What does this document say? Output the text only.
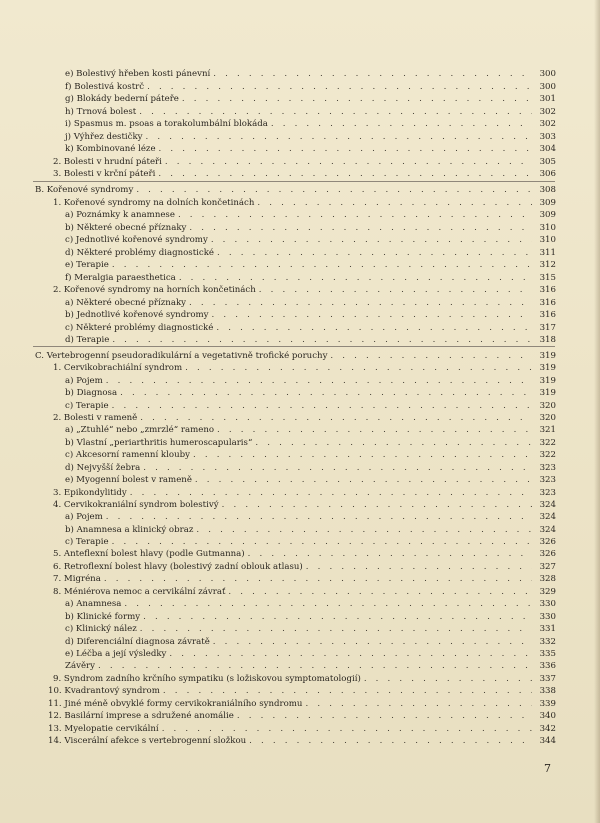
e) Bolestivý hřeben kosti pánevní . . .	300
f) Bolestivá kostrč . . .	300
g) Blokády bederní páteře . . .	301
h) Trnová bolest . . .	302
i) Spasmus m. psoas a torakolumbální blokáda . . .	302
j) Výhřez destičky . . .	303
k) Kombinované léze . . .	304
2. Bolesti v hrudní páteři . . .	305
3. Bolesti v krční páteři . . .	306
B. Kořenové syndromy . . .	308
1. Kořenové syndromy na dolních končetinách . . .	309
a) Poznámky k anamnese . . .	309
b) Některé obecné příznaky . . .	310
c) Jednotlivé kořenové syndromy . . .	310
d) Některé problémy diagnostické . . .	311
e) Terapie . . .	312
f) Meralgia paraesthetica . . .	315
2. Kořenové syndromy na horních končetinách . . .	316
a) Některé obecné příznaky . . .	316
b) Jednotlivé kořenové syndromy . . .	316
c) Některé problémy diagnostické . . .	317
d) Terapie . . .	318
C. Vertebrogenní pseudoradikulární a vegetativně trofické poruchy . . .	319
1. Cervikobrachiální syndrom . . .	319
a) Pojem . . .	319
b) Diagnosa . . .	319
c) Terapie . . .	320
2. Bolesti v rameně . . .	320
a) „Ztuhlé“ nebo „zmrzlé“ rameno . . .	321
b) Vlastní „periarthritis humeroscapularis“ . . .	322
c) Akcesorní ramenní klouby . . .	322
d) Nejvyšší žebra . . .	323
e) Myogenní bolest v rameně . . .	323
3. Epikondylitidy . . .	323
4. Cervikokraniální syndrom bolestivý . . .	324
a) Pojem . . .	324
b) Anamnesa a klinický obraz . . .	324
c) Terapie . . .	326
5. Anteflexní bolest hlavy (podle Gutmanna) . . .	326
6. Retroflexní bolest hlavy (bolestivý zadní oblouk atlasu) . . .	327
7. Migréna . . .	328
8. Méniérova nemoc a cervikální závrať . . .	329
a) Anamnesa . . .	330
b) Klinické formy . . .	330
c) Klinický nález . . .	331
d) Diferenciální diagnosa závratě . . .	332
e) Léčba a její výsledky . . .	335
Závěry . . .	336
9. Syndrom zadního krčního sympatiku (s ložiskovou symptomatologií) . . .	337
10. Kvadrantový syndrom . . .	338
11. Jiné méně obvyklé formy cervikokraniálního syndromu . . .	339
12. Basilární imprese a sdružené anomálie . . .	340
13. Myelopatie cervikální . . .	342
14. Viscerální afekce s vertebrogenní složkou . . .	344
7
